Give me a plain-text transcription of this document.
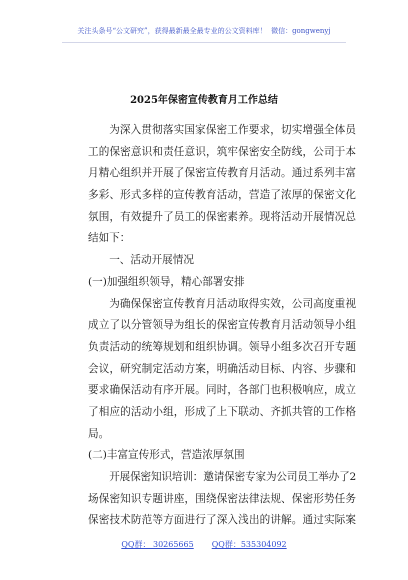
关注头条号“公文研究”，获得最新最全最专业的公文资料库！  微信：gongwenyj
2025年保密宣传教育月工作总结
为深入贯彻落实国家保密工作要求，切实增强全体员
工的保密意识和责任意识，筑牢保密安全防线，公司于本
月精心组织并开展了保密宣传教育月活动。通过系列丰富
多彩、形式多样的宣传教育活动，营造了浓厚的保密文化
氛围，有效提升了员工的保密素养。现将活动开展情况总
结如下：
一、活动开展情况
(一)加强组织领导，精心部署安排
为确保保密宣传教育月活动取得实效，公司高度重视
成立了以分管领导为组长的保密宣传教育月活动领导小组
负责活动的统筹规划和组织协调。领导小组多次召开专题
会议，研究制定活动方案，明确活动目标、内容、步骤和
要求确保活动有序开展。同时，各部门也积极响应，成立
了相应的活动小组，形成了上下联动、齐抓共管的工作格
局。
(二)丰富宣传形式，营造浓厚氛围
开展保密知识培训：邀请保密专家为公司员工举办了2
场保密知识专题讲座，围绕保密法律法规、保密形势任务
保密技术防范等方面进行了深入浅出的讲解。通过实际案
QQ群： 30265665 QQ群：535304092
